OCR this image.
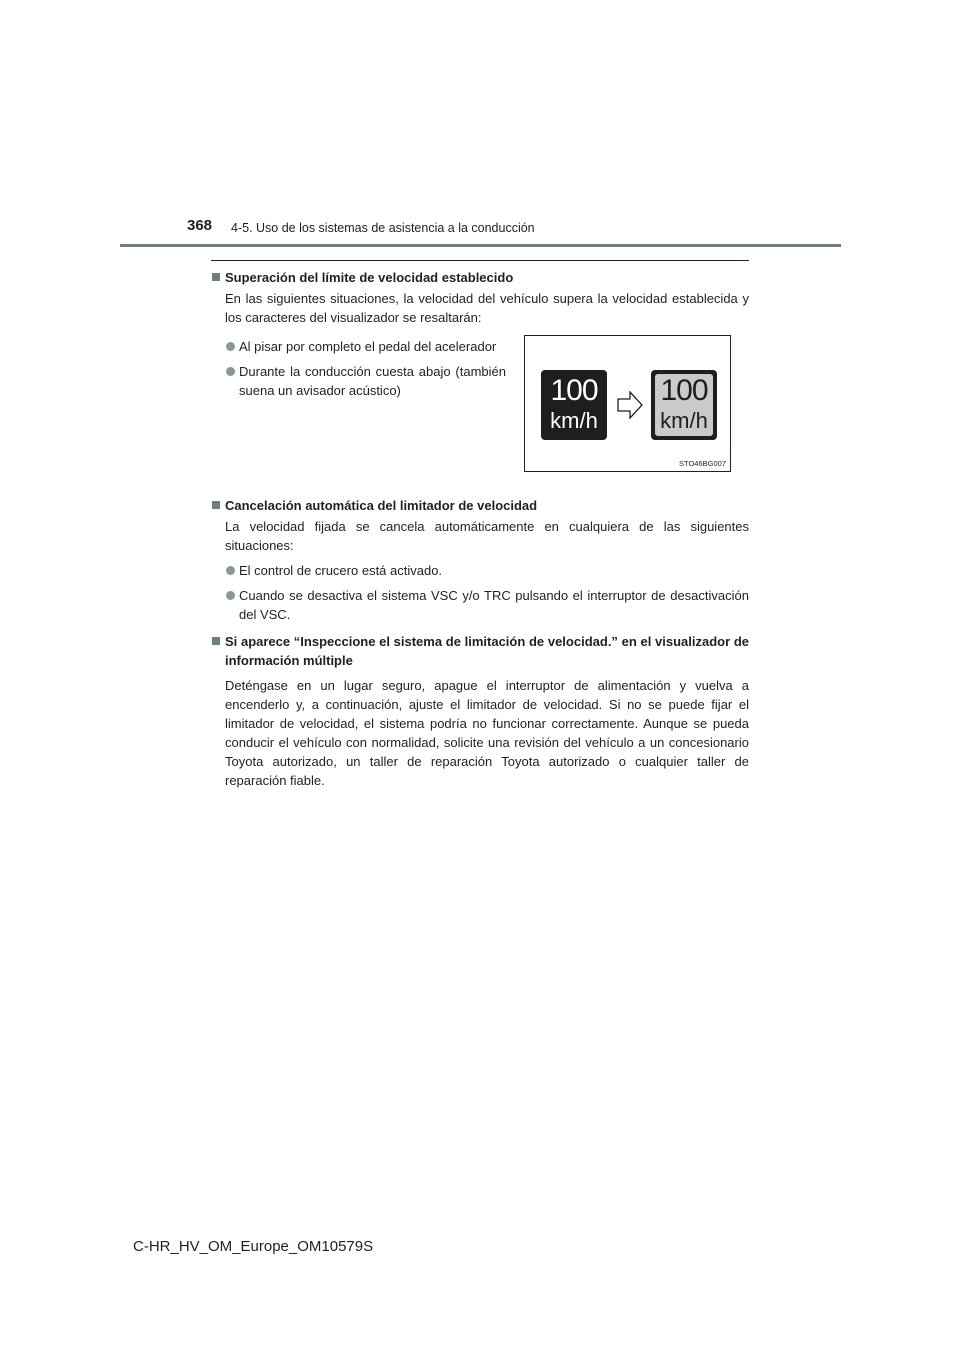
368 4-5. Uso de los sistemas de asistencia a la conducción

Superación del límite de velocidad establecido

En las siguientes situaciones, la velocidad del vehículo supera la velocidad establecida y los caracteres del visualizador se resaltarán:

Al pisar por completo el pedal del acelerador

Durante la conducción cuesta abajo (también suena un avisador acústico)

Cancelación automática del limitador de velocidad

La velocidad fijada se cancela automáticamente en cualquiera de las siguientes situaciones:

El control de crucero está activado.

Cuando se desactiva el sistema VSC y/o TRC pulsando el interruptor de desactivación del VSC.

Si aparece “Inspeccione el sistema de limitación de velocidad.” en el visualizador de información múltiple

Deténgase en un lugar seguro, apague el interruptor de alimentación y vuelva a encenderlo y, a continuación, ajuste el limitador de velocidad. Si no se puede fijar el limitador de velocidad, el sistema podría no funcionar correctamente. Aunque se pueda conducir el vehículo con normalidad, solicite una revisión del vehículo a un concesionario Toyota autorizado, un taller de reparación Toyota autorizado o cualquier taller de reparación fiable.

100
km/h
100
km/h
STO46BG007
C-HR_HV_OM_Europe_OM10579S
